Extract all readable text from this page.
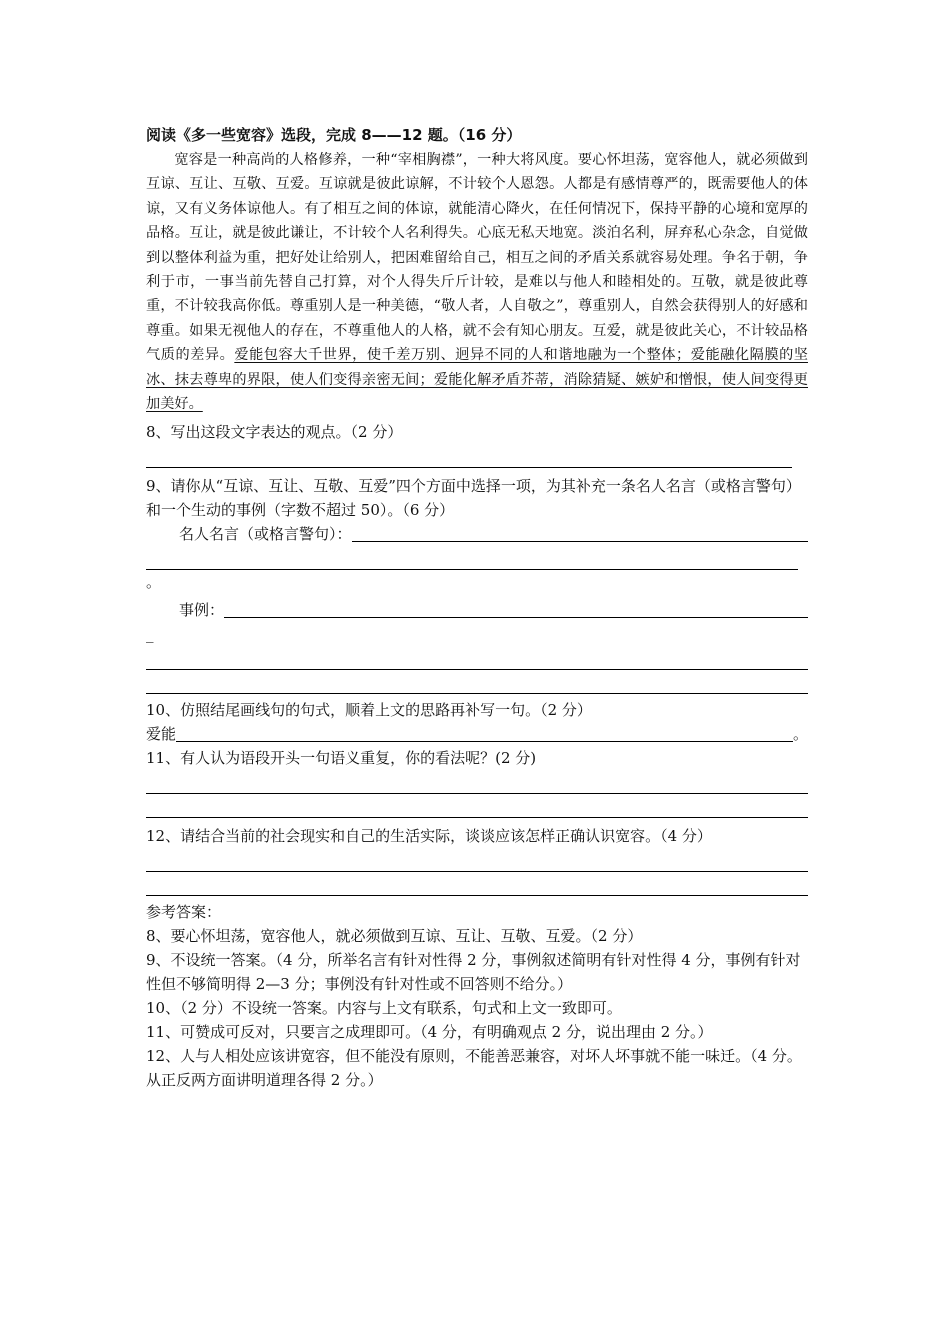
阅读《多一些宽容》选段，完成 8——12 题。（16 分）
宽容是一种高尚的人格修养，一种“宰相胸襟”，一种大将风度。要心怀坦荡，宽容他人，就必须做到互谅、互让、互敬、互爱。互谅就是彼此谅解，不计较个人恩怨。人都是有感情尊严的，既需要他人的体谅，又有义务体谅他人。有了相互之间的体谅，就能清心降火，在任何情况下，保持平静的心境和宽厚的品格。互让，就是彼此谦让，不计较个人名利得失。心底无私天地宽。淡泊名利，屏弃私心杂念，自觉做到以整体利益为重，把好处让给别人，把困难留给自己，相互之间的矛盾关系就容易处理。争名于朝，争利于市，一事当前先替自己打算，对个人得失斤斤计较，是难以与他人和睦相处的。互敬，就是彼此尊重，不计较我高你低。尊重别人是一种美德，“敬人者，人自敬之”，尊重别人，自然会获得别人的好感和尊重。如果无视他人的存在，不尊重他人的人格，就不会有知心朋友。互爱，就是彼此关心，不计较品格气质的差异。爱能包容大千世界，使千差万别、迥异不同的人和谐地融为一个整体；爱能融化隔膜的坚冰、抹去尊卑的界限，使人们变得亲密无间；爱能化解矛盾芥蒂，消除猜疑、嫉妒和憎恨，使人间变得更加美好。
8、写出这段文字表达的观点。（2 分）
9、请你从“互谅、互让、互敬、互爱”四个方面中选择一项，为其补充一条名人名言（或格言警句）和一个生动的事例（字数不超过 50）。（6 分）
名人名言（或格言警句）：
。
事例：
_
10、仿照结尾画线句的句式，顺着上文的思路再补写一句。（2 分）
爱能	。
11、有人认为语段开头一句语义重复，你的看法呢？(2 分)
12、请结合当前的社会现实和自己的生活实际，谈谈应该怎样正确认识宽容。（4 分）
参考答案：
8、要心怀坦荡，宽容他人，就必须做到互谅、互让、互敬、互爱。（2 分）
9、不设统一答案。（4 分，所举名言有针对性得 2 分，事例叙述简明有针对性得 4 分，事例有针对性但不够简明得 2—3 分；事例没有针对性或不回答则不给分。）
10、（2 分）不设统一答案。内容与上文有联系，句式和上文一致即可。
11、可赞成可反对，只要言之成理即可。（4 分，有明确观点 2 分，说出理由 2 分。）
12、人与人相处应该讲宽容，但不能没有原则，不能善恶兼容，对坏人坏事就不能一味迁。（4 分。从正反两方面讲明道理各得 2 分。）
